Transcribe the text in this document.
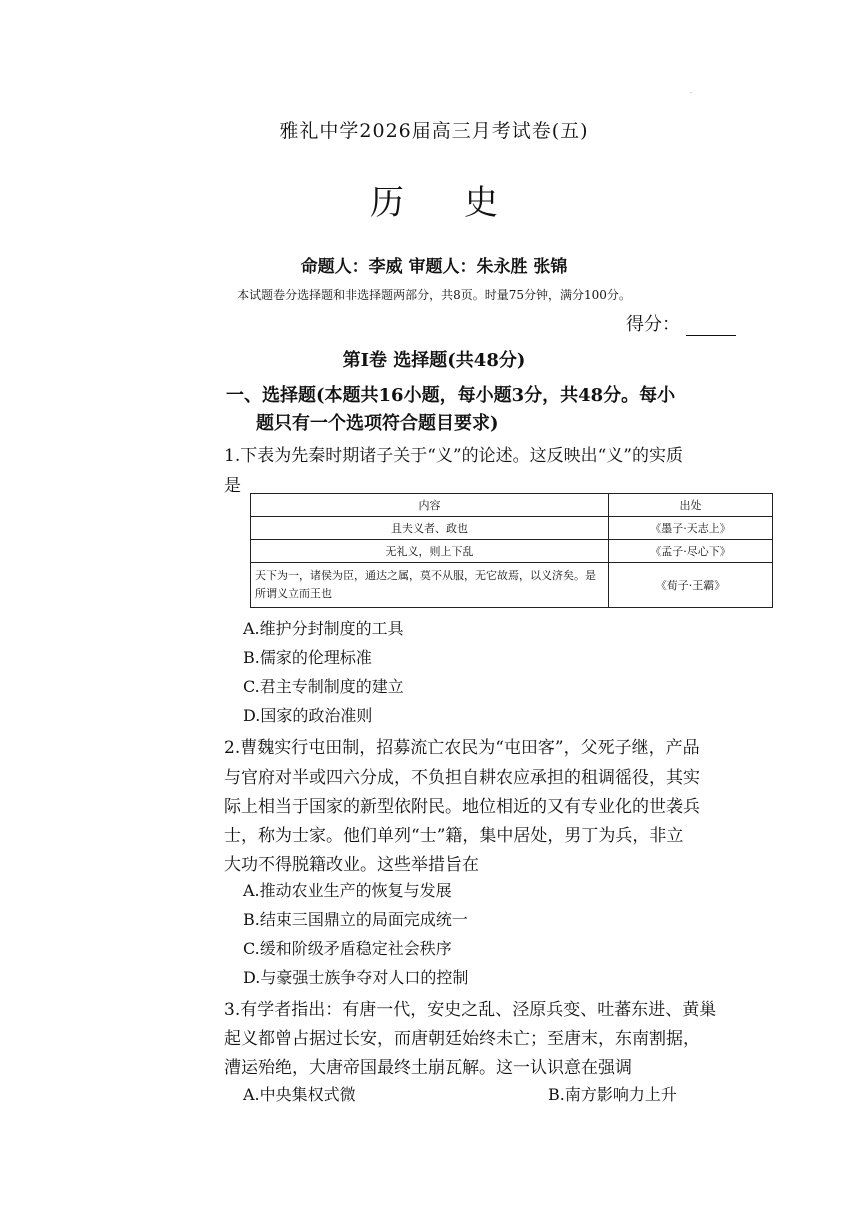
·
雅礼中学2026届高三月考试卷(五)
历史
命题人：李威 审题人：朱永胜 张锦
本试题卷分选择题和非选择题两部分，共8页。时量75分钟，满分100分。
得分：
第Ⅰ卷 选择题(共48分)
一、选择题(本题共16小题，每小题3分，共48分。每小
题只有一个选项符合题目要求)
1.下表为先秦时期诸子关于“义”的论述。这反映出“义”的实质
是
内容	出处
且夫义者、政也	《墨子·天志上》
无礼义，则上下乱	《孟子·尽心下》
天下为一，诸侯为臣，通达之属，莫不从服，无它故焉，以义济矣。是所谓义立而王也	《荀子·王霸》
A.维护分封制度的工具
B.儒家的伦理标准
C.君主专制制度的建立
D.国家的政治准则
2.曹魏实行屯田制，招募流亡农民为“屯田客”，父死子继，产品
与官府对半或四六分成，不负担自耕农应承担的租调徭役，其实
际上相当于国家的新型依附民。地位相近的又有专业化的世袭兵
士，称为士家。他们单列“士”籍，集中居处，男丁为兵，非立
大功不得脱籍改业。这些举措旨在
A.推动农业生产的恢复与发展
B.结束三国鼎立的局面完成统一
C.缓和阶级矛盾稳定社会秩序
D.与豪强士族争夺对人口的控制
3.有学者指出：有唐一代，安史之乱、泾原兵变、吐蕃东进、黄巢
起义都曾占据过长安，而唐朝廷始终未亡；至唐末，东南割据，
漕运殆绝，大唐帝国最终土崩瓦解。这一认识意在强调
A.中央集权式微	B.南方影响力上升
